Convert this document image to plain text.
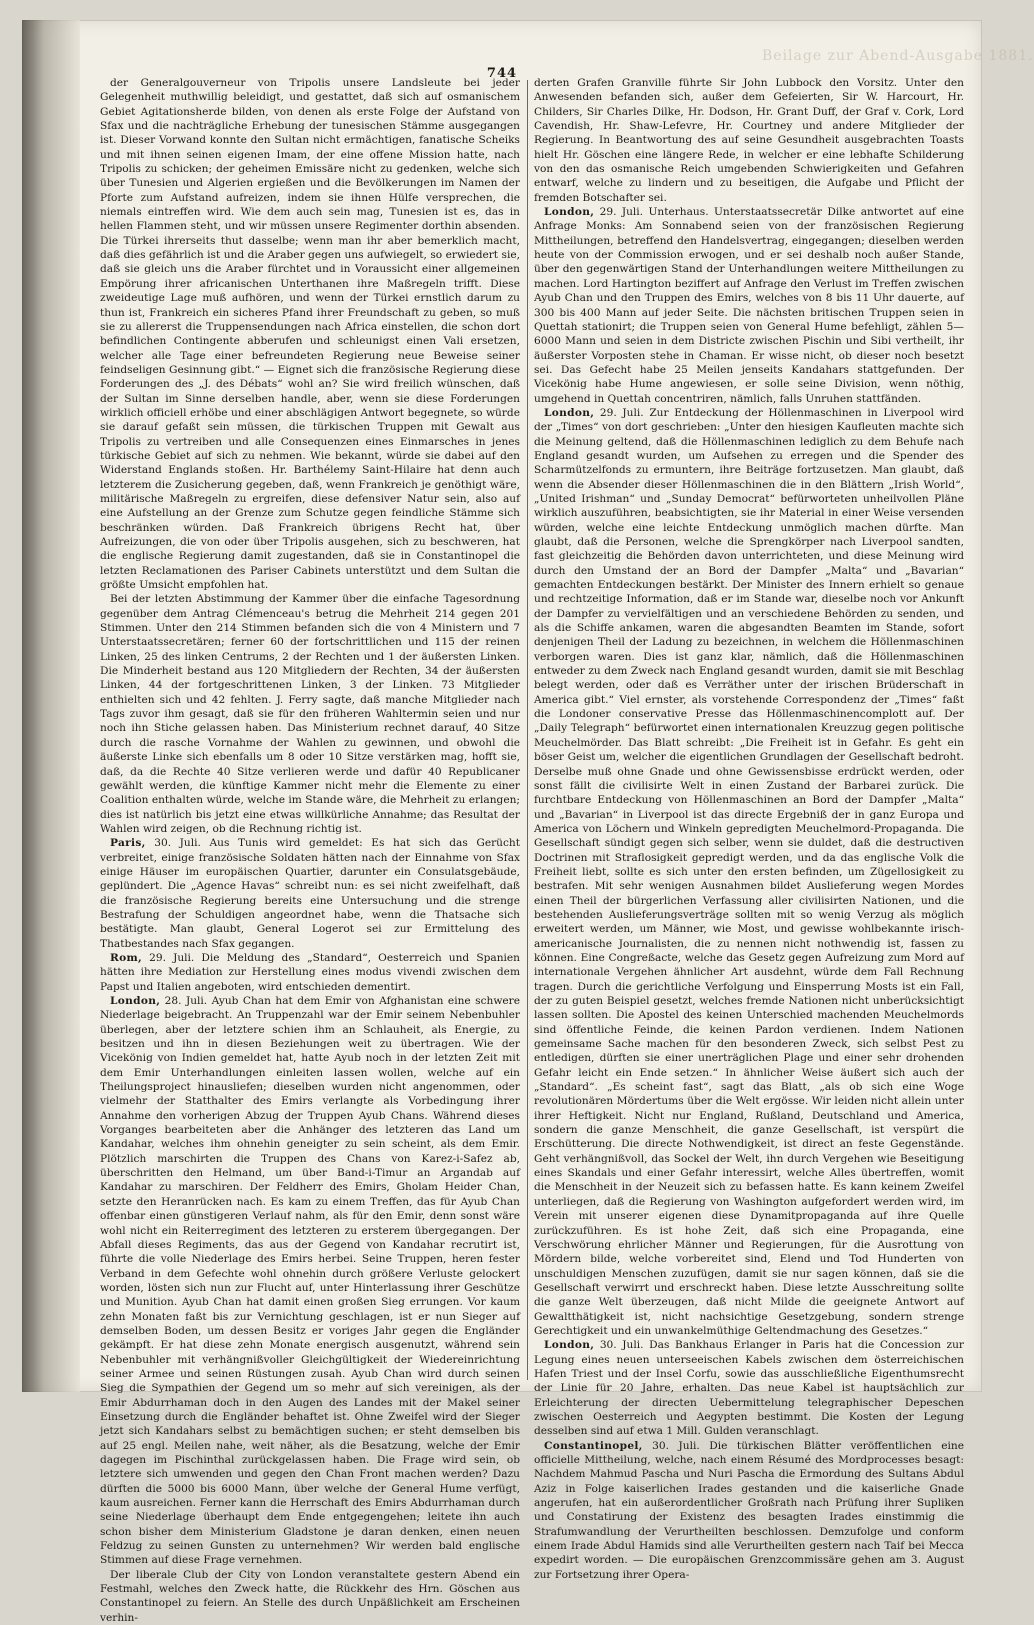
Beilage zur Abend-Ausgabe 1881.
744

der Generalgouverneur von Tripolis unsere Landsleute bei jeder Gelegenheit muthwillig beleidigt, und gestattet, daß sich auf osmanischem Gebiet Agitationsherde bilden, von denen als erste Folge der Aufstand von Sfax und die nachträgliche Erhebung der tunesischen Stämme ausgegangen ist. Dieser Vorwand konnte den Sultan nicht ermächtigen, fanatische Scheiks und mit ihnen seinen eigenen Imam, der eine offene Mission hatte, nach Tripolis zu schicken; der geheimen Emissäre nicht zu gedenken, welche sich über Tunesien und Algerien ergießen und die Bevölkerungen im Namen der Pforte zum Aufstand aufreizen, indem sie ihnen Hülfe versprechen, die niemals eintreffen wird. Wie dem auch sein mag, Tunesien ist es, das in hellen Flammen steht, und wir müssen unsere Regimenter dorthin absenden. Die Türkei ihrerseits thut dasselbe; wenn man ihr aber bemerklich macht, daß dies gefährlich ist und die Araber gegen uns aufwiegelt, so erwiedert sie, daß sie gleich uns die Araber fürchtet und in Voraussicht einer allgemeinen Empörung ihrer africanischen Unterthanen ihre Maßregeln trifft. Diese zweideutige Lage muß aufhören, und wenn der Türkei ernstlich darum zu thun ist, Frankreich ein sicheres Pfand ihrer Freundschaft zu geben, so muß sie zu allererst die Truppensendungen nach Africa einstellen, die schon dort befindlichen Contingente abberufen und schleunigst einen Vali ersetzen, welcher alle Tage einer befreundeten Regierung neue Beweise seiner feindseligen Gesinnung gibt.“ — Eignet sich die französische Regierung diese Forderungen des „J. des Débats“ wohl an? Sie wird freilich wünschen, daß der Sultan im Sinne derselben handle, aber, wenn sie diese Forderungen wirklich officiell erhöbe und einer abschlägigen Antwort begegnete, so würde sie darauf gefaßt sein müssen, die türkischen Truppen mit Gewalt aus Tripolis zu vertreiben und alle Consequenzen eines Einmarsches in jenes türkische Gebiet auf sich zu nehmen. Wie bekannt, würde sie dabei auf den Widerstand Englands stoßen. Hr. Barthélemy Saint-Hilaire hat denn auch letzterem die Zusicherung gegeben, daß, wenn Frankreich je genöthigt wäre, militärische Maßregeln zu ergreifen, diese defensiver Natur sein, also auf eine Aufstellung an der Grenze zum Schutze gegen feindliche Stämme sich beschränken würden. Daß Frankreich übrigens Recht hat, über Aufreizungen, die von oder über Tripolis ausgehen, sich zu beschweren, hat die englische Regierung damit zugestanden, daß sie in Constantinopel die letzten Reclamationen des Pariser Cabinets unterstützt und dem Sultan die größte Umsicht empfohlen hat.

Bei der letzten Abstimmung der Kammer über die einfache Tagesordnung gegenüber dem Antrag Clémenceau's betrug die Mehrheit 214 gegen 201 Stimmen. Unter den 214 Stimmen befanden sich die von 4 Ministern und 7 Unterstaatssecretären; ferner 60 der fortschrittlichen und 115 der reinen Linken, 25 des linken Centrums, 2 der Rechten und 1 der äußersten Linken. Die Minderheit bestand aus 120 Mitgliedern der Rechten, 34 der äußersten Linken, 44 der fortgeschrittenen Linken, 3 der Linken. 73 Mitglieder enthielten sich und 42 fehlten. J. Ferry sagte, daß manche Mitglieder nach Tags zuvor ihm gesagt, daß sie für den früheren Wahltermin seien und nur noch ihn Stiche gelassen haben. Das Ministerium rechnet darauf, 40 Sitze durch die rasche Vornahme der Wahlen zu gewinnen, und obwohl die äußerste Linke sich ebenfalls um 8 oder 10 Sitze verstärken mag, hofft sie, daß, da die Rechte 40 Sitze verlieren werde und dafür 40 Republicaner gewählt werden, die künftige Kammer nicht mehr die Elemente zu einer Coalition enthalten würde, welche im Stande wäre, die Mehrheit zu erlangen; dies ist natürlich bis jetzt eine etwas willkürliche Annahme; das Resultat der Wahlen wird zeigen, ob die Rechnung richtig ist.

Paris, 30. Juli. Aus Tunis wird gemeldet: Es hat sich das Gerücht verbreitet, einige französische Soldaten hätten nach der Einnahme von Sfax einige Häuser im europäischen Quartier, darunter ein Consulatsgebäude, geplündert. Die „Agence Havas“ schreibt nun: es sei nicht zweifelhaft, daß die französische Regierung bereits eine Untersuchung und die strenge Bestrafung der Schuldigen angeordnet habe, wenn die Thatsache sich bestätigte. Man glaubt, General Logerot sei zur Ermittelung des Thatbestandes nach Sfax gegangen.

Rom, 29. Juli. Die Meldung des „Standard“, Oesterreich und Spanien hätten ihre Mediation zur Herstellung eines modus vivendi zwischen dem Papst und Italien angeboten, wird entschieden dementirt.

London, 28. Juli. Ayub Chan hat dem Emir von Afghanistan eine schwere Niederlage beigebracht. An Truppenzahl war der Emir seinem Nebenbuhler überlegen, aber der letztere schien ihm an Schlauheit, als Energie, zu besitzen und ihn in diesen Beziehungen weit zu übertragen. Wie der Vicekönig von Indien gemeldet hat, hatte Ayub noch in der letzten Zeit mit dem Emir Unterhandlungen einleiten lassen wollen, welche auf ein Theilungsproject hinausliefen; dieselben wurden nicht angenommen, oder vielmehr der Statthalter des Emirs verlangte als Vorbedingung ihrer Annahme den vorherigen Abzug der Truppen Ayub Chans. Während dieses Vorganges bearbeiteten aber die Anhänger des letzteren das Land um Kandahar, welches ihm ohnehin geneigter zu sein scheint, als dem Emir. Plötzlich marschirten die Truppen des Chans von Karez-i-Safez ab, überschritten den Helmand, um über Band-i-Timur an Argandab auf Kandahar zu marschiren. Der Feldherr des Emirs, Gholam Heider Chan, setzte den Heranrücken nach. Es kam zu einem Treffen, das für Ayub Chan offenbar einen günstigeren Verlauf nahm, als für den Emir, denn sonst wäre wohl nicht ein Reiterregiment des letzteren zu ersterem übergegangen. Der Abfall dieses Regiments, das aus der Gegend von Kandahar recrutirt ist, führte die volle Niederlage des Emirs herbei. Seine Truppen, heren fester Verband in dem Gefechte wohl ohnehin durch größere Verluste gelockert worden, lösten sich nun zur Flucht auf, unter Hinterlassung ihrer Geschütze und Munition. Ayub Chan hat damit einen großen Sieg errungen. Vor kaum zehn Monaten faßt bis zur Vernichtung geschlagen, ist er nun Sieger auf demselben Boden, um dessen Besitz er voriges Jahr gegen die Engländer gekämpft. Er hat diese zehn Monate energisch ausgenutzt, während sein Nebenbuhler mit verhängnißvoller Gleichgültigkeit der Wiedereinrichtung seiner Armee und seinen Rüstungen zusah. Ayub Chan wird durch seinen Sieg die Sympathien der Gegend um so mehr auf sich vereinigen, als der Emir Abdurrhaman doch in den Augen des Landes mit der Makel seiner Einsetzung durch die Engländer behaftet ist. Ohne Zweifel wird der Sieger jetzt sich Kandahars selbst zu bemächtigen suchen; er steht demselben bis auf 25 engl. Meilen nahe, weit näher, als die Besatzung, welche der Emir dagegen im Pischinthal zurückgelassen haben. Die Frage wird sein, ob letztere sich umwenden und gegen den Chan Front machen werden? Dazu dürften die 5000 bis 6000 Mann, über welche der General Hume verfügt, kaum ausreichen. Ferner kann die Herrschaft des Emirs Abdurrhaman durch seine Niederlage überhaupt dem Ende entgegengehen; leitete ihn auch schon bisher dem Ministerium Gladstone je daran denken, einen neuen Feldzug zu seinen Gunsten zu unternehmen? Wir werden bald englische Stimmen auf diese Frage vernehmen.

Der liberale Club der City von London veranstaltete gestern Abend ein Festmahl, welches den Zweck hatte, die Rückkehr des Hrn. Göschen aus Constantinopel zu feiern. An Stelle des durch Unpäßlichkeit am Erscheinen verhin-

derten Grafen Granville führte Sir John Lubbock den Vorsitz. Unter den Anwesenden befanden sich, außer dem Gefeierten, Sir W. Harcourt, Hr. Childers, Sir Charles Dilke, Hr. Dodson, Hr. Grant Duff, der Graf v. Cork, Lord Cavendish, Hr. Shaw-Lefevre, Hr. Courtney und andere Mitglieder der Regierung. In Beantwortung des auf seine Gesundheit ausgebrachten Toasts hielt Hr. Göschen eine längere Rede, in welcher er eine lebhafte Schilderung von den das osmanische Reich umgebenden Schwierigkeiten und Gefahren entwarf, welche zu lindern und zu beseitigen, die Aufgabe und Pflicht der fremden Botschafter sei.

London, 29. Juli. Unterhaus. Unterstaatssecretär Dilke antwortet auf eine Anfrage Monks: Am Sonnabend seien von der französischen Regierung Mittheilungen, betreffend den Handelsvertrag, eingegangen; dieselben werden heute von der Commission erwogen, und er sei deshalb noch außer Stande, über den gegenwärtigen Stand der Unterhandlungen weitere Mittheilungen zu machen. Lord Hartington beziffert auf Anfrage den Verlust im Treffen zwischen Ayub Chan und den Truppen des Emirs, welches von 8 bis 11 Uhr dauerte, auf 300 bis 400 Mann auf jeder Seite. Die nächsten britischen Truppen seien in Quettah stationirt; die Truppen seien von General Hume befehligt, zählen 5—6000 Mann und seien in dem Districte zwischen Pischin und Sibi vertheilt, ihr äußerster Vorposten stehe in Chaman. Er wisse nicht, ob dieser noch besetzt sei. Das Gefecht habe 25 Meilen jenseits Kandahars stattgefunden. Der Vicekönig habe Hume angewiesen, er solle seine Division, wenn nöthig, umgehend in Quettah concentriren, nämlich, falls Unruhen stattfänden.

London, 29. Juli. Zur Entdeckung der Höllenmaschinen in Liverpool wird der „Times“ von dort geschrieben: „Unter den hiesigen Kaufleuten machte sich die Meinung geltend, daß die Höllenmaschinen lediglich zu dem Behufe nach England gesandt wurden, um Aufsehen zu erregen und die Spender des Scharmützelfonds zu ermuntern, ihre Beiträge fortzusetzen. Man glaubt, daß wenn die Absender dieser Höllenmaschinen die in den Blättern „Irish World“, „United Irishman“ und „Sunday Democrat“ befürworteten unheilvollen Pläne wirklich auszuführen, beabsichtigten, sie ihr Material in einer Weise versenden würden, welche eine leichte Entdeckung unmöglich machen dürfte. Man glaubt, daß die Personen, welche die Sprengkörper nach Liverpool sandten, fast gleichzeitig die Behörden davon unterrichteten, und diese Meinung wird durch den Umstand der an Bord der Dampfer „Malta“ und „Bavarian“ gemachten Entdeckungen bestärkt. Der Minister des Innern erhielt so genaue und rechtzeitige Information, daß er im Stande war, dieselbe noch vor Ankunft der Dampfer zu vervielfältigen und an verschiedene Behörden zu senden, und als die Schiffe ankamen, waren die abgesandten Beamten im Stande, sofort denjenigen Theil der Ladung zu bezeichnen, in welchem die Höllenmaschinen verborgen waren. Dies ist ganz klar, nämlich, daß die Höllenmaschinen entweder zu dem Zweck nach England gesandt wurden, damit sie mit Beschlag belegt werden, oder daß es Verräther unter der irischen Brüderschaft in America gibt.“ Viel ernster, als vorstehende Correspondenz der „Times“ faßt die Londoner conservative Presse das Höllenmaschinencomplott auf. Der „Daily Telegraph“ befürwortet einen internationalen Kreuzzug gegen politische Meuchelmörder. Das Blatt schreibt: „Die Freiheit ist in Gefahr. Es geht ein böser Geist um, welcher die eigentlichen Grundlagen der Gesellschaft bedroht. Derselbe muß ohne Gnade und ohne Gewissensbisse erdrückt werden, oder sonst fällt die civilisirte Welt in einen Zustand der Barbarei zurück. Die furchtbare Entdeckung von Höllenmaschinen an Bord der Dampfer „Malta“ und „Bavarian“ in Liverpool ist das directe Ergebniß der in ganz Europa und America von Löchern und Winkeln gepredigten Meuchelmord-Propaganda. Die Gesellschaft sündigt gegen sich selber, wenn sie duldet, daß die destructiven Doctrinen mit Straflosigkeit gepredigt werden, und da das englische Volk die Freiheit liebt, sollte es sich unter den ersten befinden, um Zügellosigkeit zu bestrafen. Mit sehr wenigen Ausnahmen bildet Auslieferung wegen Mordes einen Theil der bürgerlichen Verfassung aller civilisirten Nationen, und die bestehenden Auslieferungsverträge sollten mit so wenig Verzug als möglich erweitert werden, um Männer, wie Most, und gewisse wohlbekannte irisch-americanische Journalisten, die zu nennen nicht nothwendig ist, fassen zu können. Eine Congreßacte, welche das Gesetz gegen Aufreizung zum Mord auf internationale Vergehen ähnlicher Art ausdehnt, würde dem Fall Rechnung tragen. Durch die gerichtliche Verfolgung und Einsperrung Mosts ist ein Fall, der zu guten Beispiel gesetzt, welches fremde Nationen nicht unberücksichtigt lassen sollten. Die Apostel des keinen Unterschied machenden Meuchelmords sind öffentliche Feinde, die keinen Pardon verdienen. Indem Nationen gemeinsame Sache machen für den besonderen Zweck, sich selbst Pest zu entledigen, dürften sie einer unerträglichen Plage und einer sehr drohenden Gefahr leicht ein Ende setzen.“ In ähnlicher Weise äußert sich auch der „Standard“. „Es scheint fast“, sagt das Blatt, „als ob sich eine Woge revolutionären Mördertums über die Welt ergösse. Wir leiden nicht allein unter ihrer Heftigkeit. Nicht nur England, Rußland, Deutschland und America, sondern die ganze Menschheit, die ganze Gesellschaft, ist verspürt die Erschütterung. Die directe Nothwendigkeit, ist direct an feste Gegenstände. Geht verhängnißvoll, das Sockel der Welt, ihn durch Vergehen wie Beseitigung eines Skandals und einer Gefahr interessirt, welche Alles übertreffen, womit die Menschheit in der Neuzeit sich zu befassen hatte. Es kann keinem Zweifel unterliegen, daß die Regierung von Washington aufgefordert werden wird, im Verein mit unserer eigenen diese Dynamitpropaganda auf ihre Quelle zurückzuführen. Es ist hohe Zeit, daß sich eine Propaganda, eine Verschwörung ehrlicher Männer und Regierungen, für die Ausrottung von Mördern bilde, welche vorbereitet sind, Elend und Tod Hunderten von unschuldigen Menschen zuzufügen, damit sie nur sagen können, daß sie die Gesellschaft verwirrt und erschreckt haben. Diese letzte Ausschreitung sollte die ganze Welt überzeugen, daß nicht Milde die geeignete Antwort auf Gewaltthätigkeit ist, nicht nachsichtige Gesetzgebung, sondern strenge Gerechtigkeit und ein unwankelmüthige Geltendmachung des Gesetzes.“

London, 30. Juli. Das Bankhaus Erlanger in Paris hat die Concession zur Legung eines neuen unterseeischen Kabels zwischen dem österreichischen Hafen Triest und der Insel Corfu, sowie das ausschließliche Eigenthumsrecht der Linie für 20 Jahre, erhalten. Das neue Kabel ist hauptsächlich zur Erleichterung der directen Uebermittelung telegraphischer Depeschen zwischen Oesterreich und Aegypten bestimmt. Die Kosten der Legung desselben sind auf etwa 1 Mill. Gulden veranschlagt.

Constantinopel, 30. Juli. Die türkischen Blätter veröffentlichen eine officielle Mittheilung, welche, nach einem Résumé des Mordprocesses besagt: Nachdem Mahmud Pascha und Nuri Pascha die Ermordung des Sultans Abdul Aziz in Folge kaiserlichen Irades gestanden und die kaiserliche Gnade angerufen, hat ein außerordentlicher Großrath nach Prüfung ihrer Supliken und Constatirung der Existenz des besagten Irades einstimmig die Strafumwandlung der Verurtheilten beschlossen. Demzufolge und conform einem Irade Abdul Hamids sind alle Verurtheilten gestern nach Taif bei Mecca expedirt worden. — Die europäischen Grenzcommissäre gehen am 3. August zur Fortsetzung ihrer Opera-
